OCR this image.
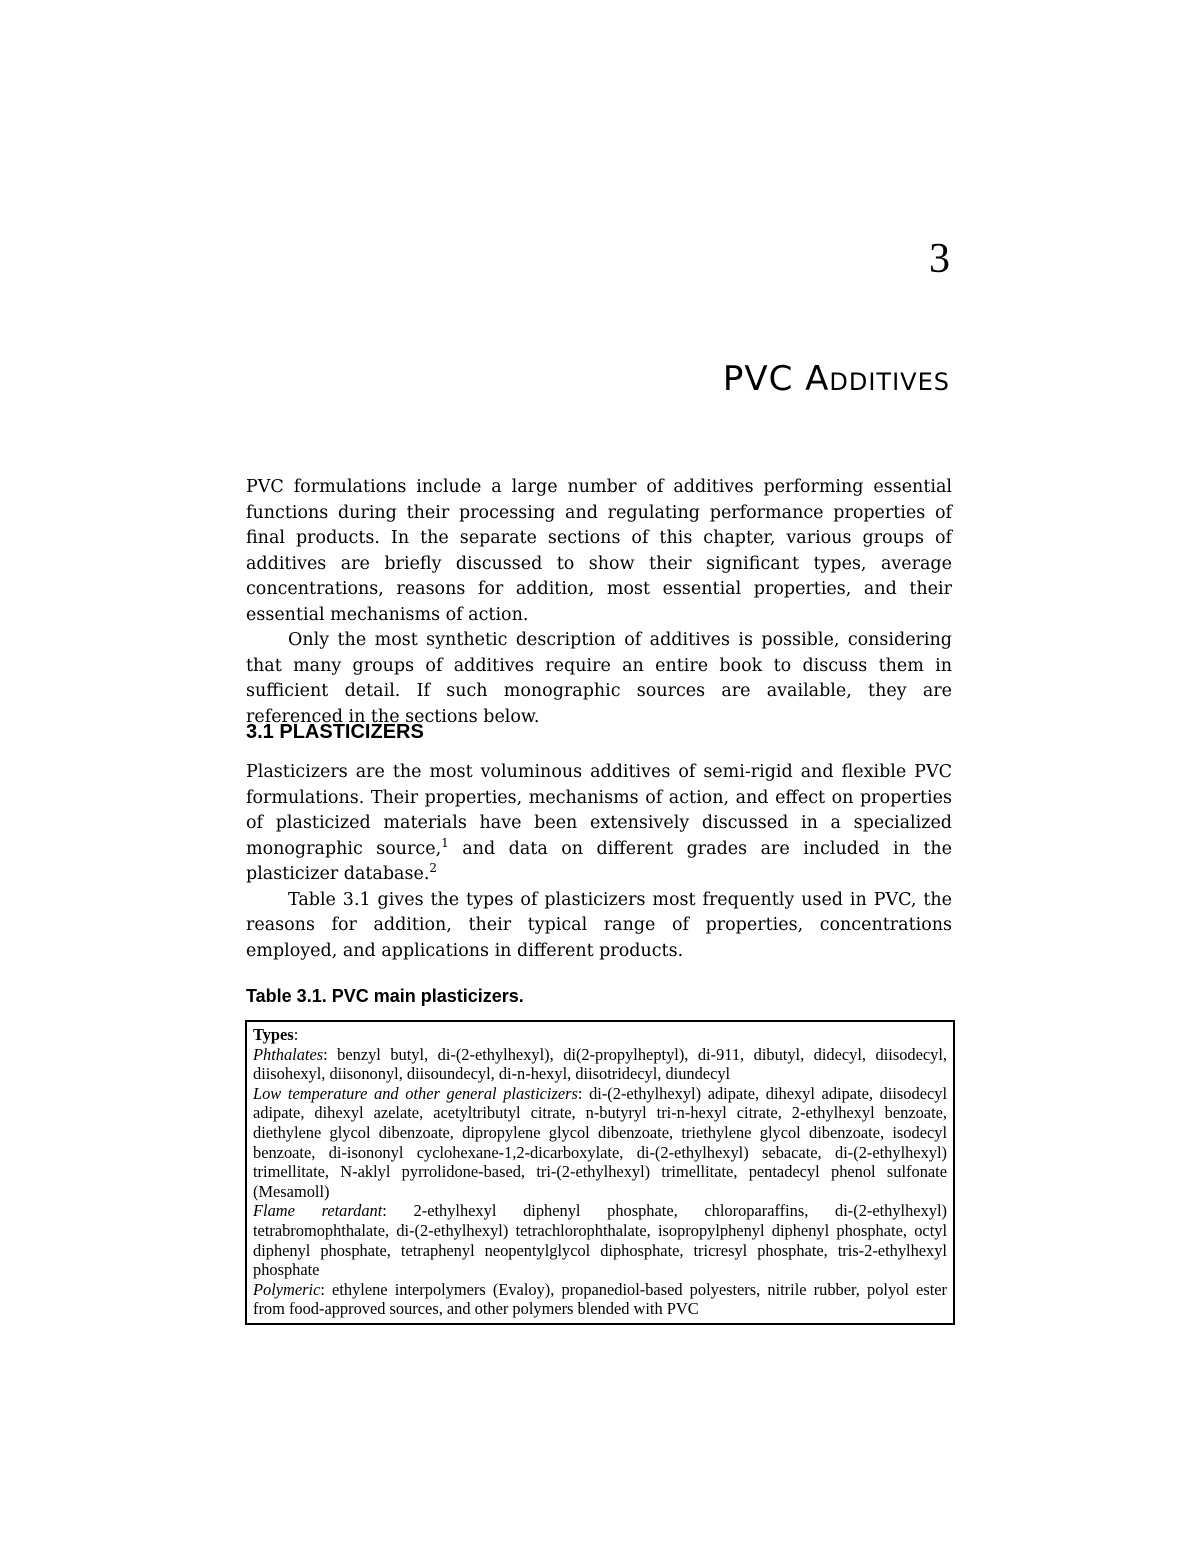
3
PVC Additives

PVC formulations include a large number of additives performing essential functions during their processing and regulating performance properties of final products. In the separate sections of this chapter, various groups of additives are briefly discussed to show their significant types, average concentrations, reasons for addition, most essential properties, and their essential mechanisms of action.

Only the most synthetic description of additives is possible, considering that many groups of additives require an entire book to discuss them in sufficient detail. If such monographic sources are available, they are referenced in the sections below.

3.1 PLASTICIZERS

Plasticizers are the most voluminous additives of semi-rigid and flexible PVC formulations. Their properties, mechanisms of action, and effect on properties of plasticized materials have been extensively discussed in a specialized monographic source,$^1$ and data on different grades are included in the plasticizer database.$^2$

Table 3.1 gives the types of plasticizers most frequently used in PVC, the reasons for addition, their typical range of properties, concentrations employed, and applications in different products.

Table 3.1. PVC main plasticizers.

Types:

Phthalates: benzyl butyl, di-(2-ethylhexyl), di(2-propylheptyl), di-911, dibutyl, didecyl, diisodecyl, diisohexyl, diisononyl, diisoundecyl, di-n-hexyl, diisotridecyl, diundecyl

Low temperature and other general plasticizers: di-(2-ethylhexyl) adipate, dihexyl adipate, diisodecyl adipate, dihexyl azelate, acetyltributyl citrate, n-butyryl tri-n-hexyl citrate, 2-ethylhexyl benzoate, diethylene glycol dibenzoate, dipropylene glycol dibenzoate, triethylene glycol dibenzoate, isodecyl benzoate, di-isononyl cyclohexane-1,2-dicarboxylate, di-(2-ethylhexyl) sebacate, di-(2-ethylhexyl) trimellitate, N-aklyl pyrrolidone-based, tri-(2-ethylhexyl) trimellitate, pentadecyl phenol sulfonate (Mesamoll)

Flame retardant: 2-ethylhexyl diphenyl phosphate, chloroparaffins, di-(2-ethylhexyl) tetrabromophthalate, di-(2-ethylhexyl) tetrachlorophthalate, isopropylphenyl diphenyl phosphate, octyl diphenyl phosphate, tetraphenyl neopentylglycol diphosphate, tricresyl phosphate, tris-2-ethylhexyl phosphate

Polymeric: ethylene interpolymers (Evaloy), propanediol-based polyesters, nitrile rubber, polyol ester from food-approved sources, and other polymers blended with PVC
